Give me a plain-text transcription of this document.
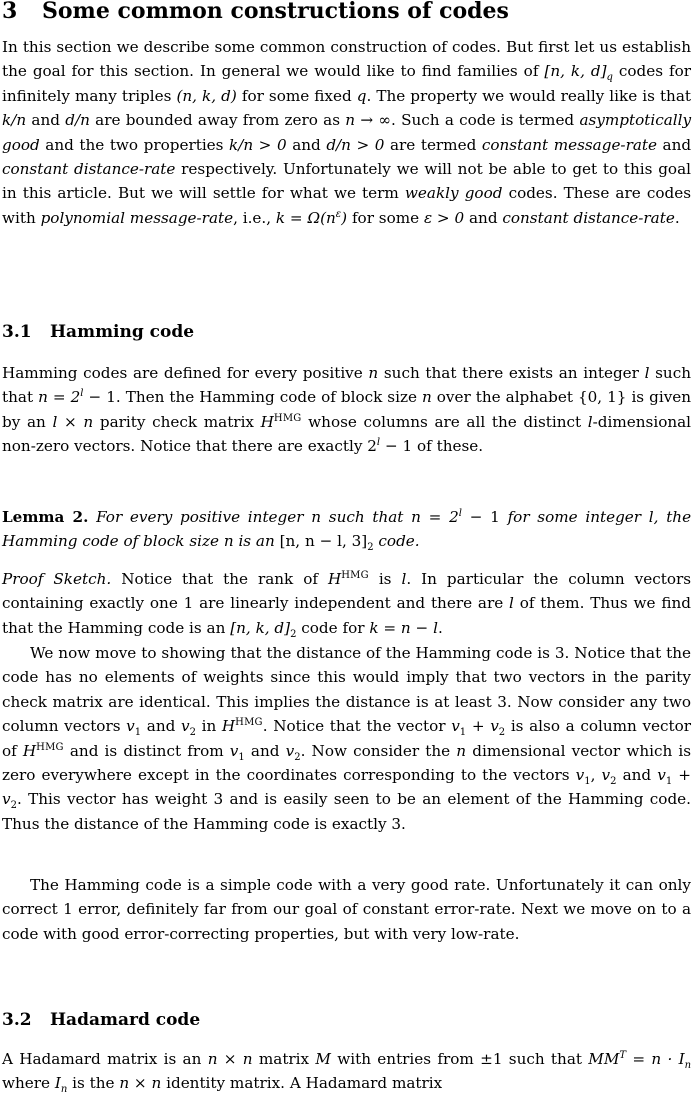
3 Some common constructions of codes

In this section we describe some common construction of codes. But first let us establish the goal for this section. In general we would like to find families of [n, k, $d]_q$ codes for infinitely many triples (n, k, d) for some fixed q. The property we would really like is that k/n and d/n are bounded away from zero as n → ∞. Such a code is termed asymptotically good and the two properties k/n > 0 and d/n > 0 are termed constant message-rate and constant distance-rate respectively. Unfortunately we will not be able to get to this goal in this article. But we will settle for what we term weakly good codes. These are codes with polynomial message-rate, i.e., $k = \Omega(n^\varepsilon)$ for some ε > 0 and constant distance-rate.

3.1 Hamming code

Hamming codes are defined for every positive n such that there exists an integer l such that $n = 2^l - 1$. Then the Hamming code of block size n over the alphabet {0, 1} is given by an l × n parity check matrix $H^{HMG}$ whose columns are all the distinct l-dimensional non-zero vectors. Notice that there are exactly $2^l - 1$ of these.

Lemma 2. For every positive integer n such that $n = 2^l - 1$ for some integer l, the Hamming code of block size n is an [n, n − l, $3]_2$ code.

Proof Sketch. Notice that the rank of $H^{HMG}$ is l. In particular the column vectors containing exactly one 1 are linearly independent and there are l of them. Thus we find that the Hamming code is an [n, k, $d]_2$ code for k = n − l.

We now move to showing that the distance of the Hamming code is 3. Notice that the code has no elements of weights since this would imply that two vectors in the parity check matrix are identical. This implies the distance is at least 3. Now consider any two column vectors $v_1$ and $v_2$ in $H^{HMG}$. Notice that the vector $v_1 + v_2$ is also a column vector of $H^{HMG}$ and is distinct from $v_1$ and $v_2$. Now consider the n dimensional vector which is zero everywhere except in the coordinates corresponding to the vectors $v_1$, $v_2$ and $v_1 + v_2$. This vector has weight 3 and is easily seen to be an element of the Hamming code. Thus the distance of the Hamming code is exactly 3.

The Hamming code is a simple code with a very good rate. Unfortunately it can only correct 1 error, definitely far from our goal of constant error-rate. Next we move on to a code with good error-correcting properties, but with very low-rate.

3.2 Hadamard code

A Hadamard matrix is an n × n matrix M with entries from ±1 such that $MM^T = n \cdot I_n$ where $I_n$ is the n × n identity matrix. A Hadamard matrix
